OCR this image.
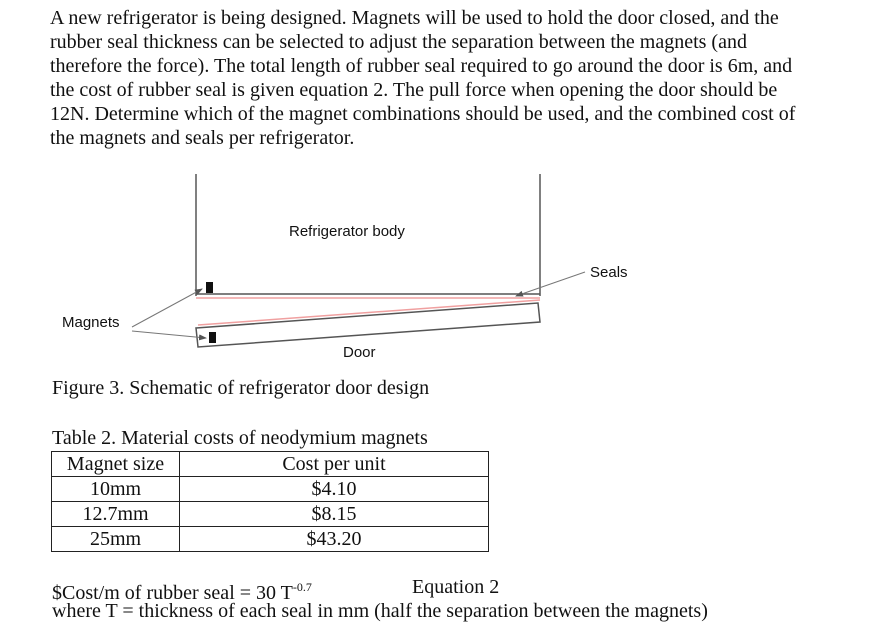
A new refrigerator is being designed. Magnets will be used to hold the door closed, and the
rubber seal thickness can be selected to adjust the separation between the magnets (and
therefore the force). The total length of rubber seal required to go around the door is 6m, and
the cost of rubber seal is given equation 2. The pull force when opening the door should be
12N. Determine which of the magnet combinations should be used, and the combined cost of
the magnets and seals per refrigerator.
Refrigerator body
Seals
Magnets
Door
Figure 3. Schematic of refrigerator door design
Table 2. Material costs of neodymium magnets
Magnet size	Cost per unit
10mm	$4.10
12.7mm	$8.15
25mm	$43.20
$Cost/m of rubber seal = 30 $T^{-0.7}$	Equation 2
where T = thickness of each seal in mm (half the separation between the magnets)
